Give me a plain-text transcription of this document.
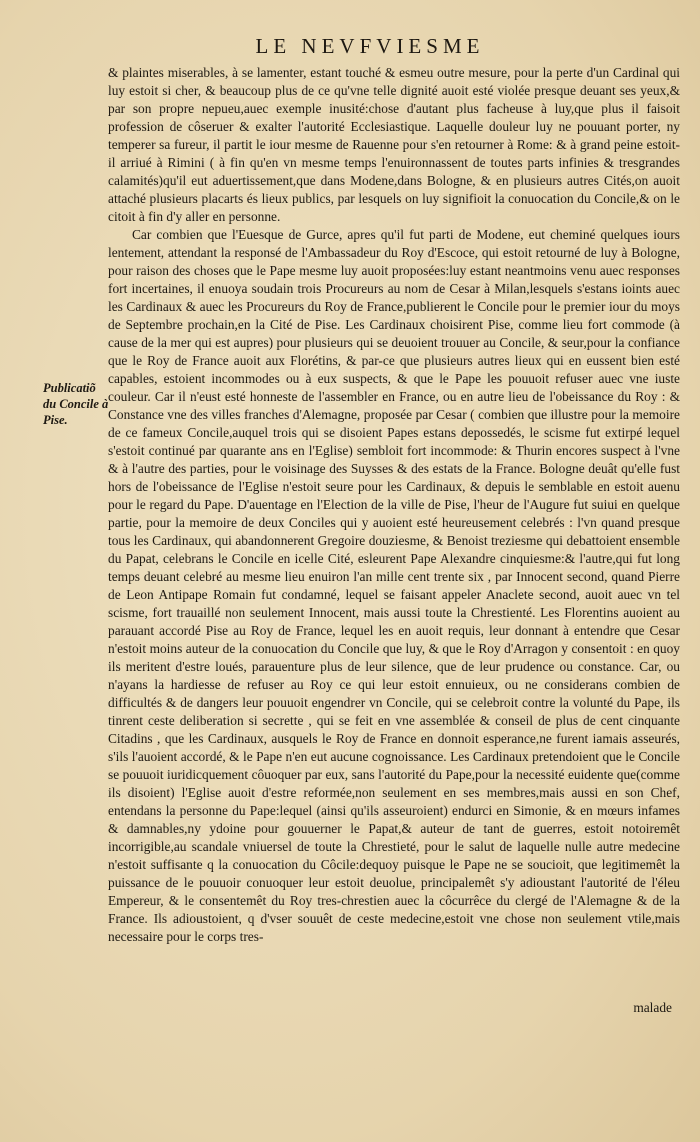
LE NEVFVIESME
Publicatiõ du Concile à Pise.

& plaintes miserables, à se lamenter, estant touché & esmeu outre mesure, pour la perte d'un Cardinal qui luy estoit si cher, & beaucoup plus de ce qu'vne telle dignité auoit esté violée presque deuant ses yeux,& par son propre nepueu,auec exemple inusité:chose d'autant plus facheuse à luy,que plus il faisoit profession de côseruer & exalter l'autorité Ecclesiastique. Laquelle douleur luy ne pouuant porter, ny temperer sa fureur, il partit le iour mesme de Rauenne pour s'en retourner à Rome: & à grand peine estoit-il arriué à Rimini ( à fin qu'en vn mesme temps l'enuironnassent de toutes parts infinies & tresgrandes calamités)qu'il eut aduertissement,que dans Modene,dans Bologne, & en plusieurs autres Cités,on auoit attaché plusieurs placarts és lieux publics, par lesquels on luy signifioit la conuocation du Concile,& on le citoit à fin d'y aller en personne.

Car combien que l'Euesque de Gurce, apres qu'il fut parti de Modene, eut cheminé quelques iours lentement, attendant la responsé de l'Ambassadeur du Roy d'Escoce, qui estoit retourné de luy à Bologne, pour raison des choses que le Pape mesme luy auoit proposées:luy estant neantmoins venu auec responses fort incertaines, il enuoya soudain trois Procureurs au nom de Cesar à Milan,lesquels s'estans ioints auec les Cardinaux & auec les Procureurs du Roy de France,publierent le Concile pour le premier iour du moys de Septembre prochain,en la Cité de Pise. Les Cardinaux choisirent Pise, comme lieu fort commode (à cause de la mer qui est aupres) pour plusieurs qui se deuoient trouuer au Concile, & seur,pour la confiance que le Roy de France auoit aux Florétins, & par-ce que plusieurs autres lieux qui en eussent bien esté capables, estoient incommodes ou à eux suspects, & que le Pape les pouuoit refuser auec vne iuste couleur. Car il n'eust esté honneste de l'assembler en France, ou en autre lieu de l'obeissance du Roy : & Constance vne des villes franches d'Alemagne, proposée par Cesar ( combien que illustre pour la memoire de ce fameux Concile,auquel trois qui se disoient Papes estans depossedés, le scisme fut extirpé lequel s'estoit continué par quarante ans en l'Eglise) sembloit fort incommode: & Thurin encores suspect à l'vne & à l'autre des parties, pour le voisinage des Suysses & des estats de la France. Bologne deuât qu'elle fust hors de l'obeissance de l'Eglise n'estoit seure pour les Cardinaux, & depuis le semblable en estoit auenu pour le regard du Pape. D'auentage en l'Election de la ville de Pise, l'heur de l'Augure fut suiui en quelque partie, pour la memoire de deux Conciles qui y auoient esté heureusement celebrés : l'vn quand presque tous les Cardinaux, qui abandonnerent Gregoire douziesme, & Benoist treziesme qui debattoient ensemble du Papat, celebrans le Concile en icelle Cité, esleurent Pape Alexandre cinquiesme:& l'autre,qui fut long temps deuant celebré au mesme lieu enuiron l'an mille cent trente six , par Innocent second, quand Pierre de Leon Antipape Romain fut condamné, lequel se faisant appeler Anaclete second, auoit auec vn tel scisme, fort trauaillé non seulement Innocent, mais aussi toute la Chrestienté. Les Florentins auoient au parauant accordé Pise au Roy de France, lequel les en auoit requis, leur donnant à entendre que Cesar n'estoit moins auteur de la conuocation du Concile que luy, & que le Roy d'Arragon y consentoit : en quoy ils meritent d'estre loués, parauenture plus de leur silence, que de leur prudence ou constance. Car, ou n'ayans la hardiesse de refuser au Roy ce qui leur estoit ennuieux, ou ne considerans combien de difficultés & de dangers leur pouuoit engendrer vn Concile, qui se celebroit contre la volunté du Pape, ils tinrent ceste deliberation si secrette , qui se feit en vne assemblée & conseil de plus de cent cinquante Citadins , que les Cardinaux, ausquels le Roy de France en donnoit esperance,ne furent iamais asseurés, s'ils l'auoient accordé, & le Pape n'en eut aucune cognoissance. Les Cardinaux pretendoient que le Concile se pouuoit iuridicquement côuoquer par eux, sans l'autorité du Pape,pour la necessité euidente que(comme ils disoient) l'Eglise auoit d'estre reformée,non seulement en ses membres,mais aussi en son Chef, entendans la personne du Pape:lequel (ainsi qu'ils asseuroient) endurci en Simonie, & en mœurs infames & damnables,ny ydoine pour gouuerner le Papat,& auteur de tant de guerres, estoit notoiremêt incorrigible,au scandale vniuersel de toute la Chrestieté, pour le salut de laquelle nulle autre medecine n'estoit suffisante q la conuocation du Côcile:dequoy puisque le Pape ne se soucioit, que legitimemêt la puissance de le pouuoir conuoquer leur estoit deuolue, principalemêt s'y adioustant l'autorité de l'éleu Empereur, & le consentemêt du Roy tres-chrestien auec la côcurrêce du clergé de l'Alemagne & de la France. Ils adioustoient, q d'vser souuêt de ceste medecine,estoit vne chose non seulement vtile,mais necessaire pour le corps tres-

malade
